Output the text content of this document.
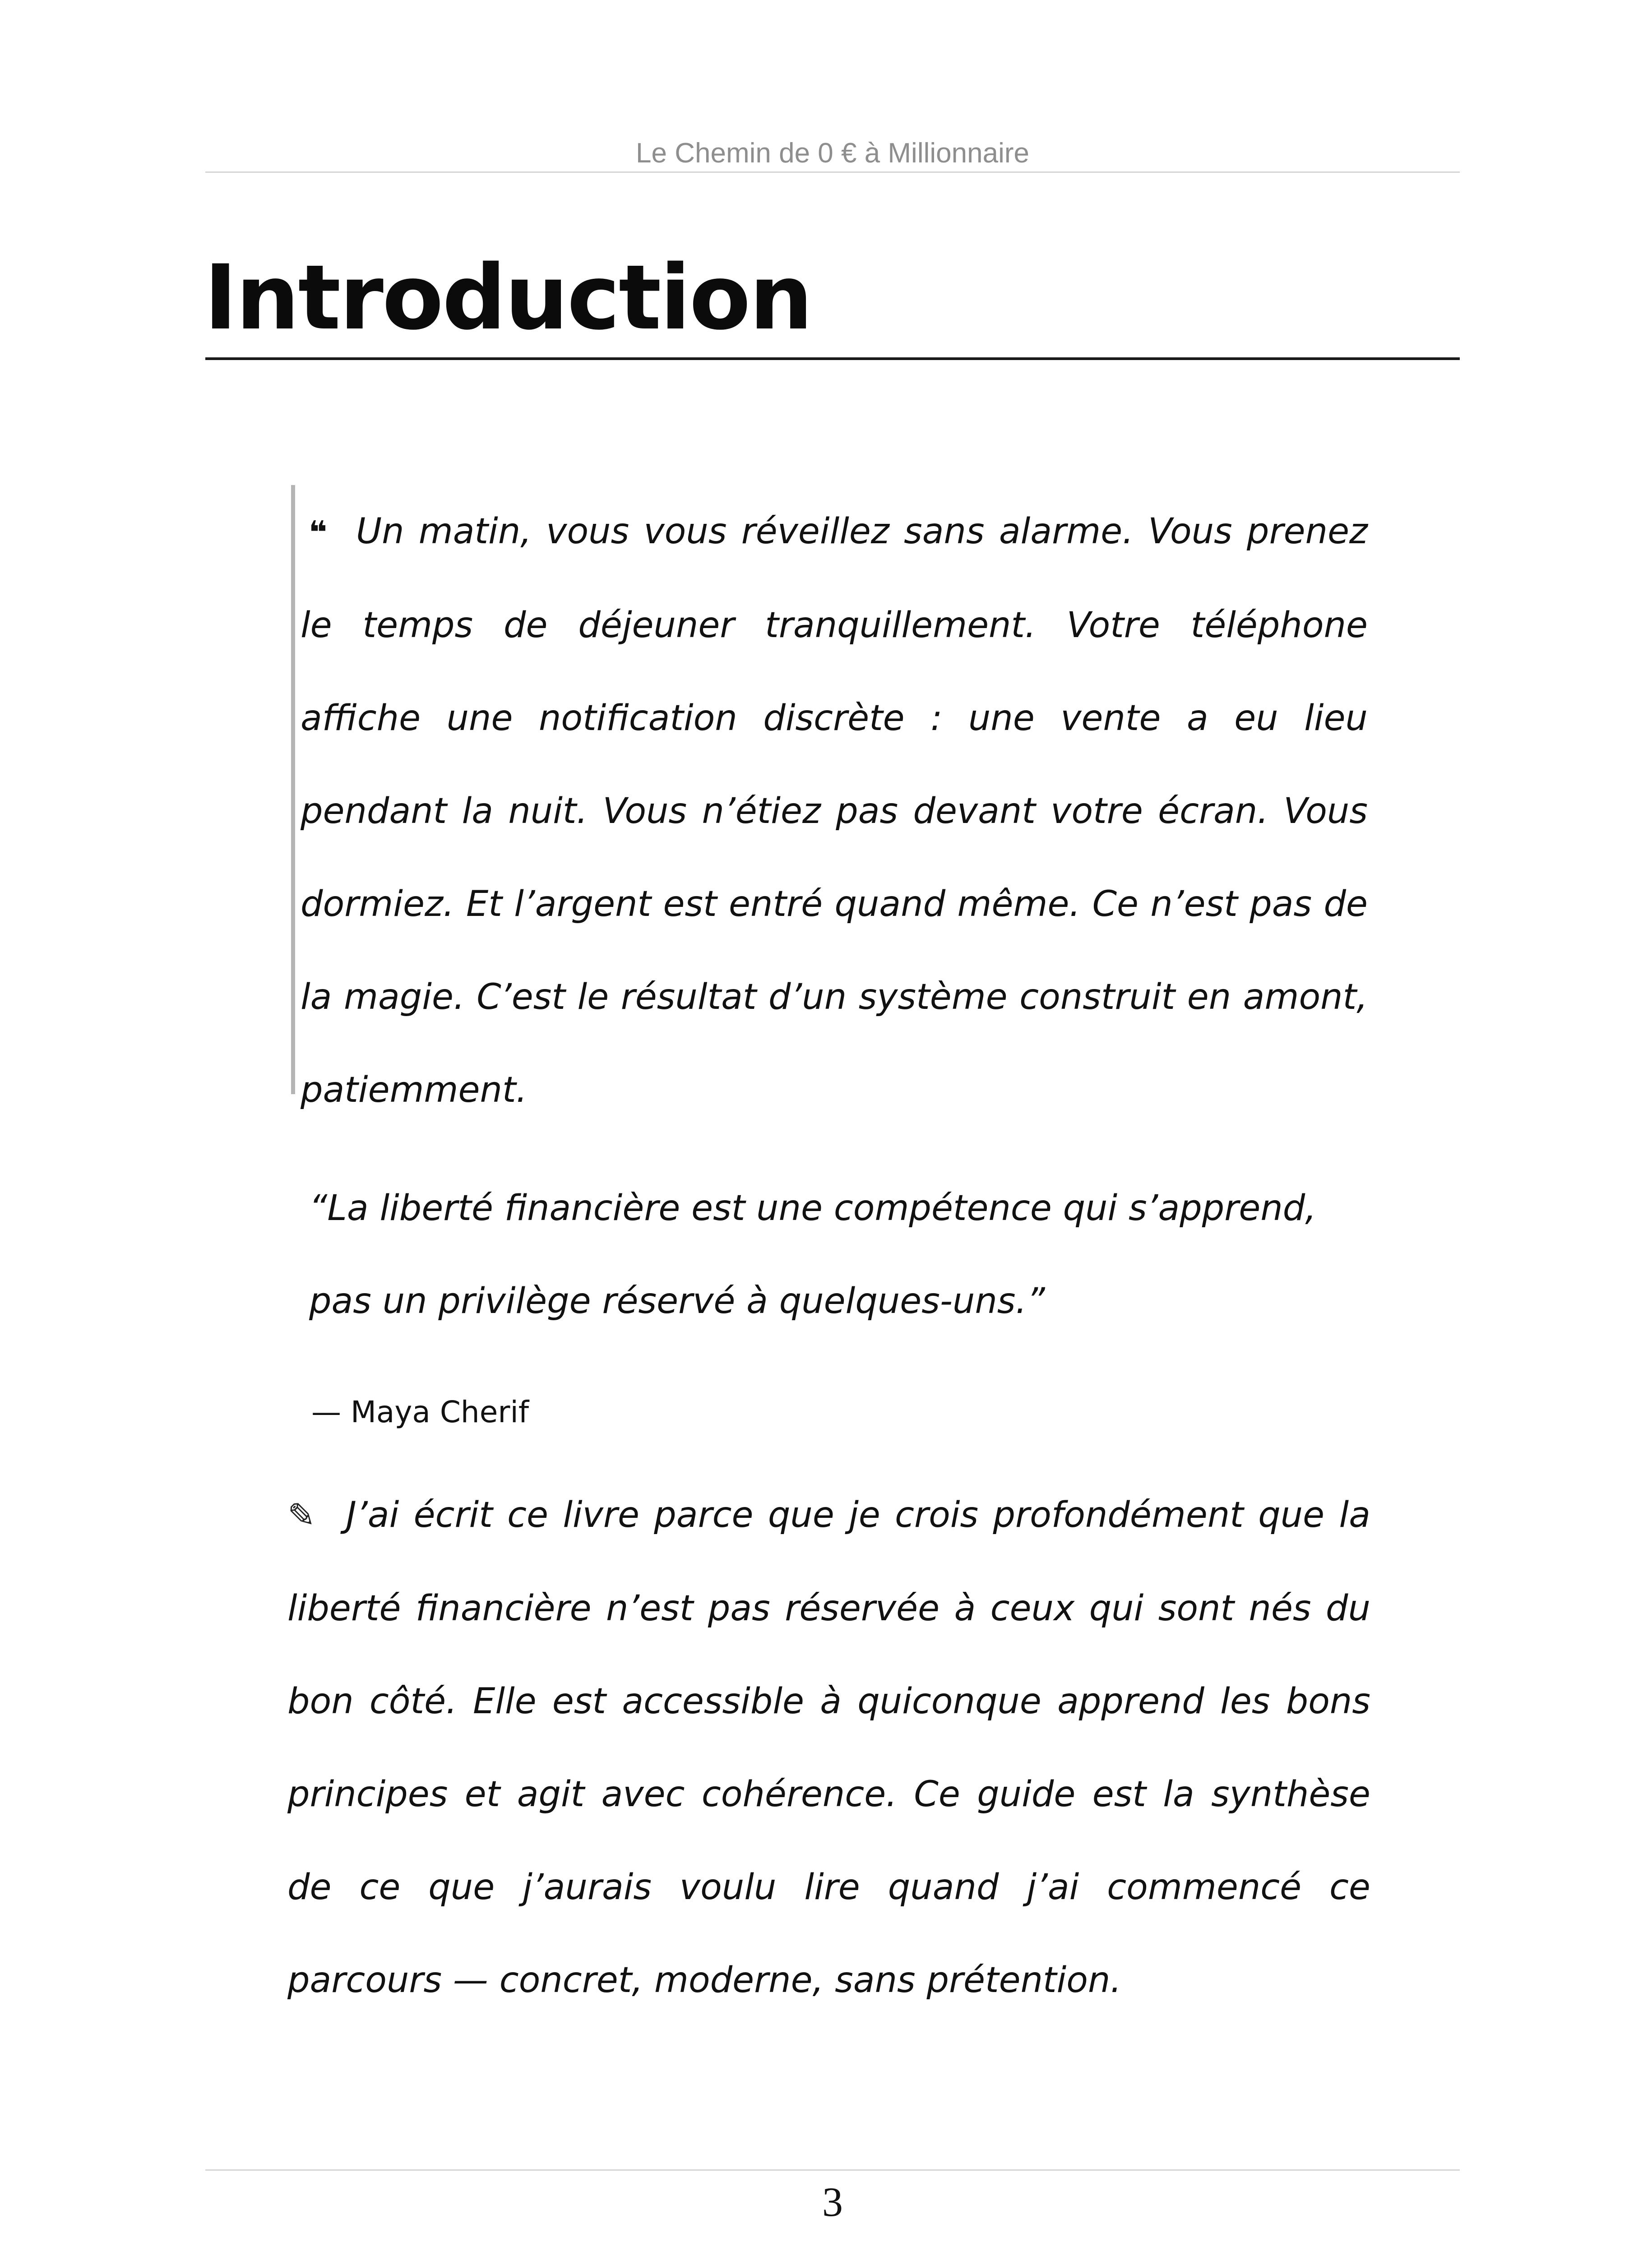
Le Chemin de 0 € à Millionnaire
Introduction

❝ Un matin, vous vous réveillez sans alarme. Vous prenez le temps de déjeuner tranquillement. Votre téléphone affiche une notification discrète : une vente a eu lieu pendant la nuit. Vous n’étiez pas devant votre écran. Vous dormiez. Et l’argent est entré quand même. Ce n’est pas de la magie. C’est le résultat d’un système construit en amont, patiemment.

“La liberté financière est une compétence qui s’apprend,
pas un privilège réservé à quelques-uns.”
— Maya Cherif

✎ J’ai écrit ce livre parce que je crois profondément que la liberté financière n’est pas réservée à ceux qui sont nés du bon côté. Elle est accessible à quiconque apprend les bons principes et agit avec cohérence. Ce guide est la synthèse de ce que j’aurais voulu lire quand j’ai commencé ce parcours — concret, moderne, sans prétention.

3
